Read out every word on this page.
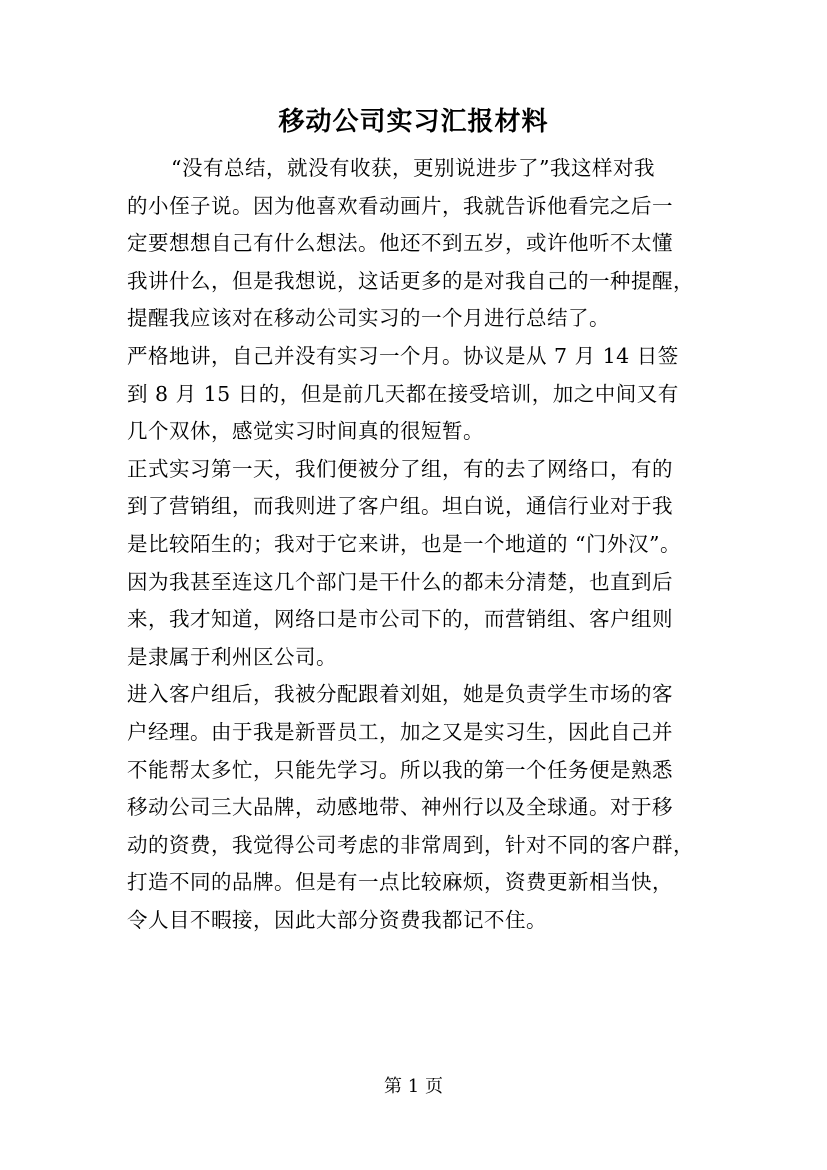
移动公司实习汇报材料
“没有总结，就没有收获，更别说进步了”我这样对我
的小侄子说。因为他喜欢看动画片，我就告诉他看完之后一
定要想想自己有什么想法。他还不到五岁，或许他听不太懂
我讲什么，但是我想说，这话更多的是对我自己的一种提醒，
提醒我应该对在移动公司实习的一个月进行总结了。
严格地讲，自己并没有实习一个月。协议是从 7 月 14 日签
到 8 月 15 日的，但是前几天都在接受培训，加之中间又有
几个双休，感觉实习时间真的很短暂。
正式实习第一天，我们便被分了组，有的去了网络口，有的
到了营销组，而我则进了客户组。坦白说，通信行业对于我
是比较陌生的；我对于它来讲，也是一个地道的 “门外汉”。
因为我甚至连这几个部门是干什么的都未分清楚，也直到后
来，我才知道，网络口是市公司下的，而营销组、客户组则
是隶属于利州区公司。
进入客户组后，我被分配跟着刘姐，她是负责学生市场的客
户经理。由于我是新晋员工，加之又是实习生，因此自己并
不能帮太多忙，只能先学习。所以我的第一个任务便是熟悉
移动公司三大品牌，动感地带、神州行以及全球通。对于移
动的资费，我觉得公司考虑的非常周到，针对不同的客户群，
打造不同的品牌。但是有一点比较麻烦，资费更新相当快，
令人目不暇接，因此大部分资费我都记不住。
第 1 页
